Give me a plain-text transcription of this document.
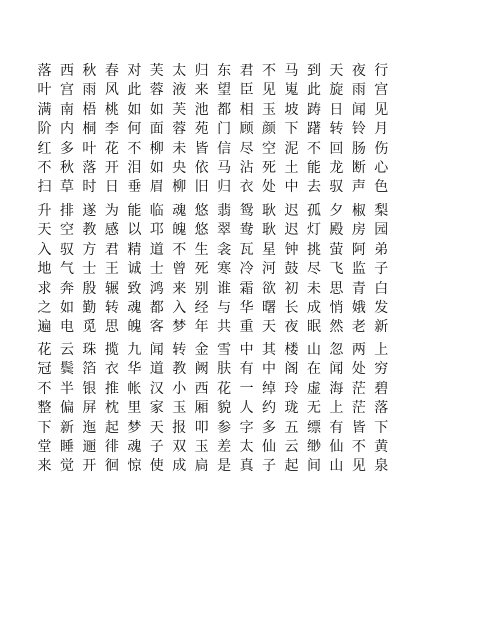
行
宫
见
月
伤
心
色
夜
雨
闻
铃
肠
断
声
天
旋
日
转
回
龙
驭
到
此
踌
躇
不
能
去
马
嵬
坡
下
泥
土
中
不
见
玉
颜
空
死
处
君
臣
相
顾
尽
沾
衣
东
望
都
门
信
马
归
归
来
池
苑
皆
依
旧
太
液
芙
蓉
未
央
柳
芙
蓉
如
面
柳
如
眉
对
此
如
何
不
泪
垂
春
风
桃
李
花
开
日
秋
雨
梧
桐
叶
落
时
西
宫
南
内
多
秋
草
落
叶
满
阶
红
不
扫
梨
园
弟
子
白
发
新
椒
房
阿
监
青
娥
老
夕
殿
萤
飞
思
悄
然
孤
灯
挑
尽
未
成
眠
迟
迟
钟
鼓
初
长
夜
耿
耿
星
河
欲
曙
天
鸳
鸯
瓦
冷
霜
华
重
翡
翠
衾
寒
谁
与
共
悠
悠
生
死
别
经
年
魂
魄
不
曾
来
入
梦
临
邛
道
士
鸿
都
客
能
以
精
诚
致
魂
魄
为
感
君
王
辗
转
思
遂
教
方
士
殷
勤
觅
排
空
驭
气
奔
如
电
升
天
入
地
求
之
遍
上
穷
碧
落
下
黄
泉
两
处
茫
茫
皆
不
见
忽
闻
海
上
有
仙
山
山
在
虚
无
缥
缈
间
楼
阁
玲
珑
五
云
起
其
中
绰
约
多
仙
子
中
有
一
人
字
太
真
雪
肤
花
貌
参
差
是
金
阙
西
厢
叩
玉
扃
转
教
小
玉
报
双
成
闻
道
汉
家
天
子
使
九
华
帐
里
梦
魂
惊
揽
衣
推
枕
起
徘
徊
珠
箔
银
屏
迤
逦
开
云
鬓
半
偏
新
睡
觉
花
冠
不
整
下
堂
来
